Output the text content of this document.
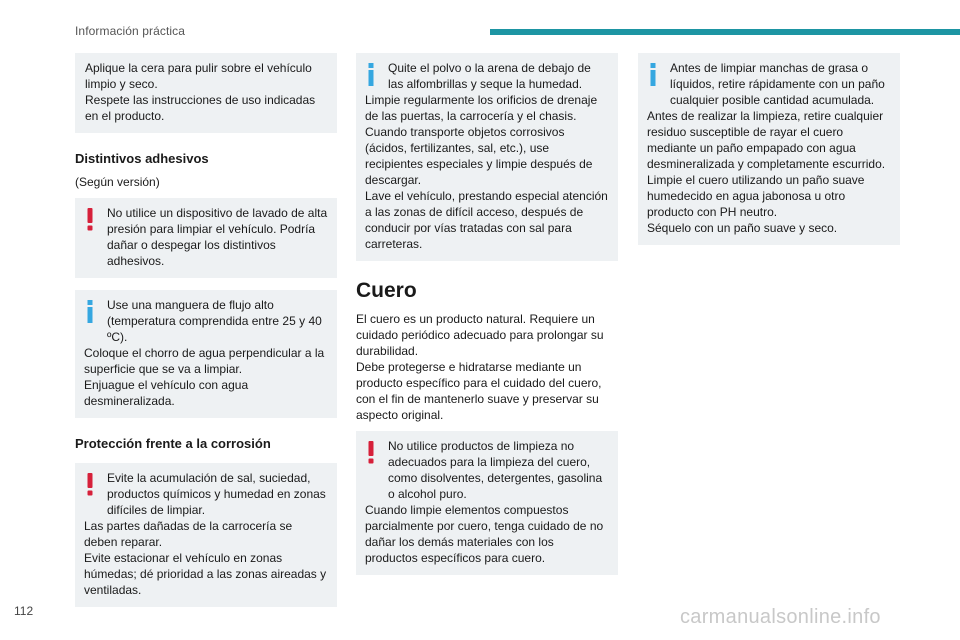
Información práctica

Aplique la cera para pulir sobre el vehículo limpio y seco.

Respete las instrucciones de uso indicadas en el producto.

Distintivos adhesivos

(Según versión)

No utilice un dispositivo de lavado de alta presión para limpiar el vehículo. Podría dañar o despegar los distintivos adhesivos.

Use una manguera de flujo alto (temperatura comprendida entre 25 y 40 ºC).

Coloque el chorro de agua perpendicular a la superficie que se va a limpiar.

Enjuague el vehículo con agua desmineralizada.

Protección frente a la corrosión

Evite la acumulación de sal, suciedad, productos químicos y humedad en zonas difíciles de limpiar.

Las partes dañadas de la carrocería se deben reparar.

Evite estacionar el vehículo en zonas húmedas; dé prioridad a las zonas aireadas y ventiladas.

Quite el polvo o la arena de debajo de las alfombrillas y seque la humedad.

Limpie regularmente los orificios de drenaje de las puertas, la carrocería y el chasis.

Cuando transporte objetos corrosivos (ácidos, fertilizantes, sal, etc.), use recipientes especiales y limpie después de descargar.

Lave el vehículo, prestando especial atención a las zonas de difícil acceso, después de conducir por vías tratadas con sal para carreteras.

Cuero

El cuero es un producto natural. Requiere un cuidado periódico adecuado para prolongar su durabilidad.

Debe protegerse e hidratarse mediante un producto específico para el cuidado del cuero, con el fin de mantenerlo suave y preservar su aspecto original.

No utilice productos de limpieza no adecuados para la limpieza del cuero, como disolventes, detergentes, gasolina o alcohol puro.

Cuando limpie elementos compuestos parcialmente por cuero, tenga cuidado de no dañar los demás materiales con los productos específicos para cuero.

Antes de limpiar manchas de grasa o líquidos, retire rápidamente con un paño cualquier posible cantidad acumulada.

Antes de realizar la limpieza, retire cualquier residuo susceptible de rayar el cuero mediante un paño empapado con agua desmineralizada y completamente escurrido.

Limpie el cuero utilizando un paño suave humedecido en agua jabonosa u otro producto con PH neutro.

Séquelo con un paño suave y seco.

112	carmanualsonline.info
